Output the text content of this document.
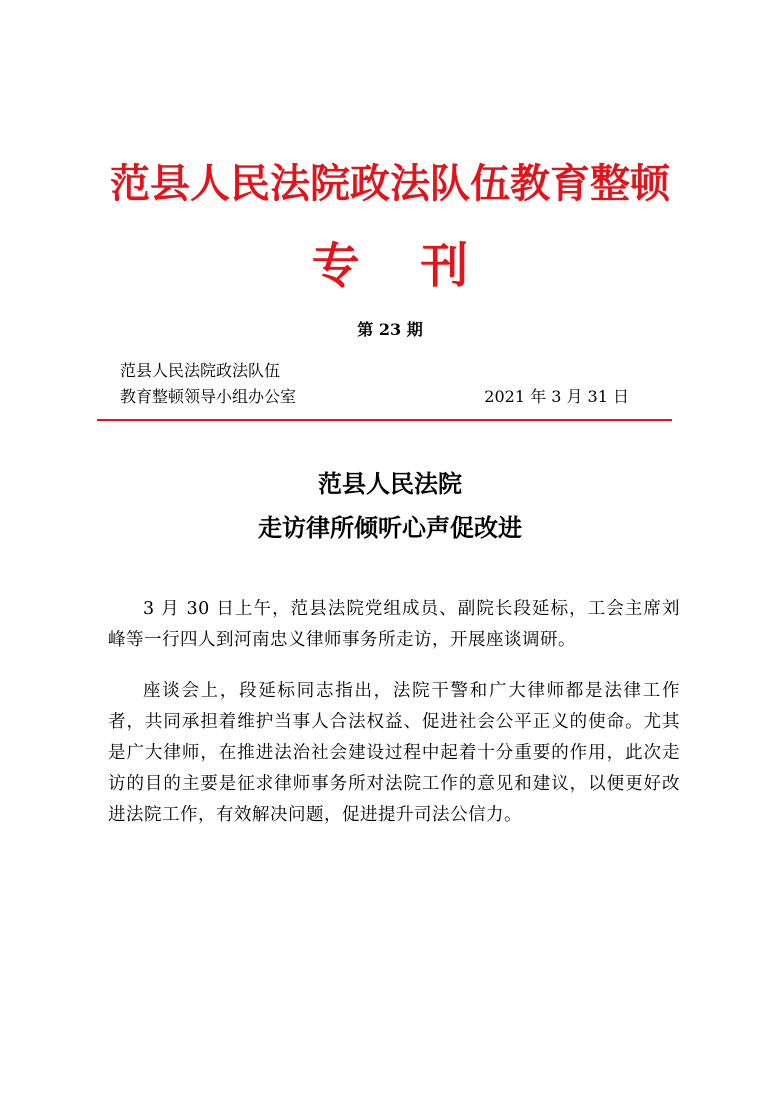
范县人民法院政法队伍教育整顿
专 刊
第 23 期
范县人民法院政法队伍
教育整顿领导小组办公室	2021 年 3 月 31 日
范县人民法院
走访律所倾听心声促改进

3 月 30 日上午，范县法院党组成员、副院长段延标，工会主席刘峰等一行四人到河南忠义律师事务所走访，开展座谈调研。

座谈会上，段延标同志指出，法院干警和广大律师都是法律工作者，共同承担着维护当事人合法权益、促进社会公平正义的使命。尤其是广大律师，在推进法治社会建设过程中起着十分重要的作用，此次走访的目的主要是征求律师事务所对法院工作的意见和建议，以便更好改进法院工作，有效解决问题，促进提升司法公信力。
